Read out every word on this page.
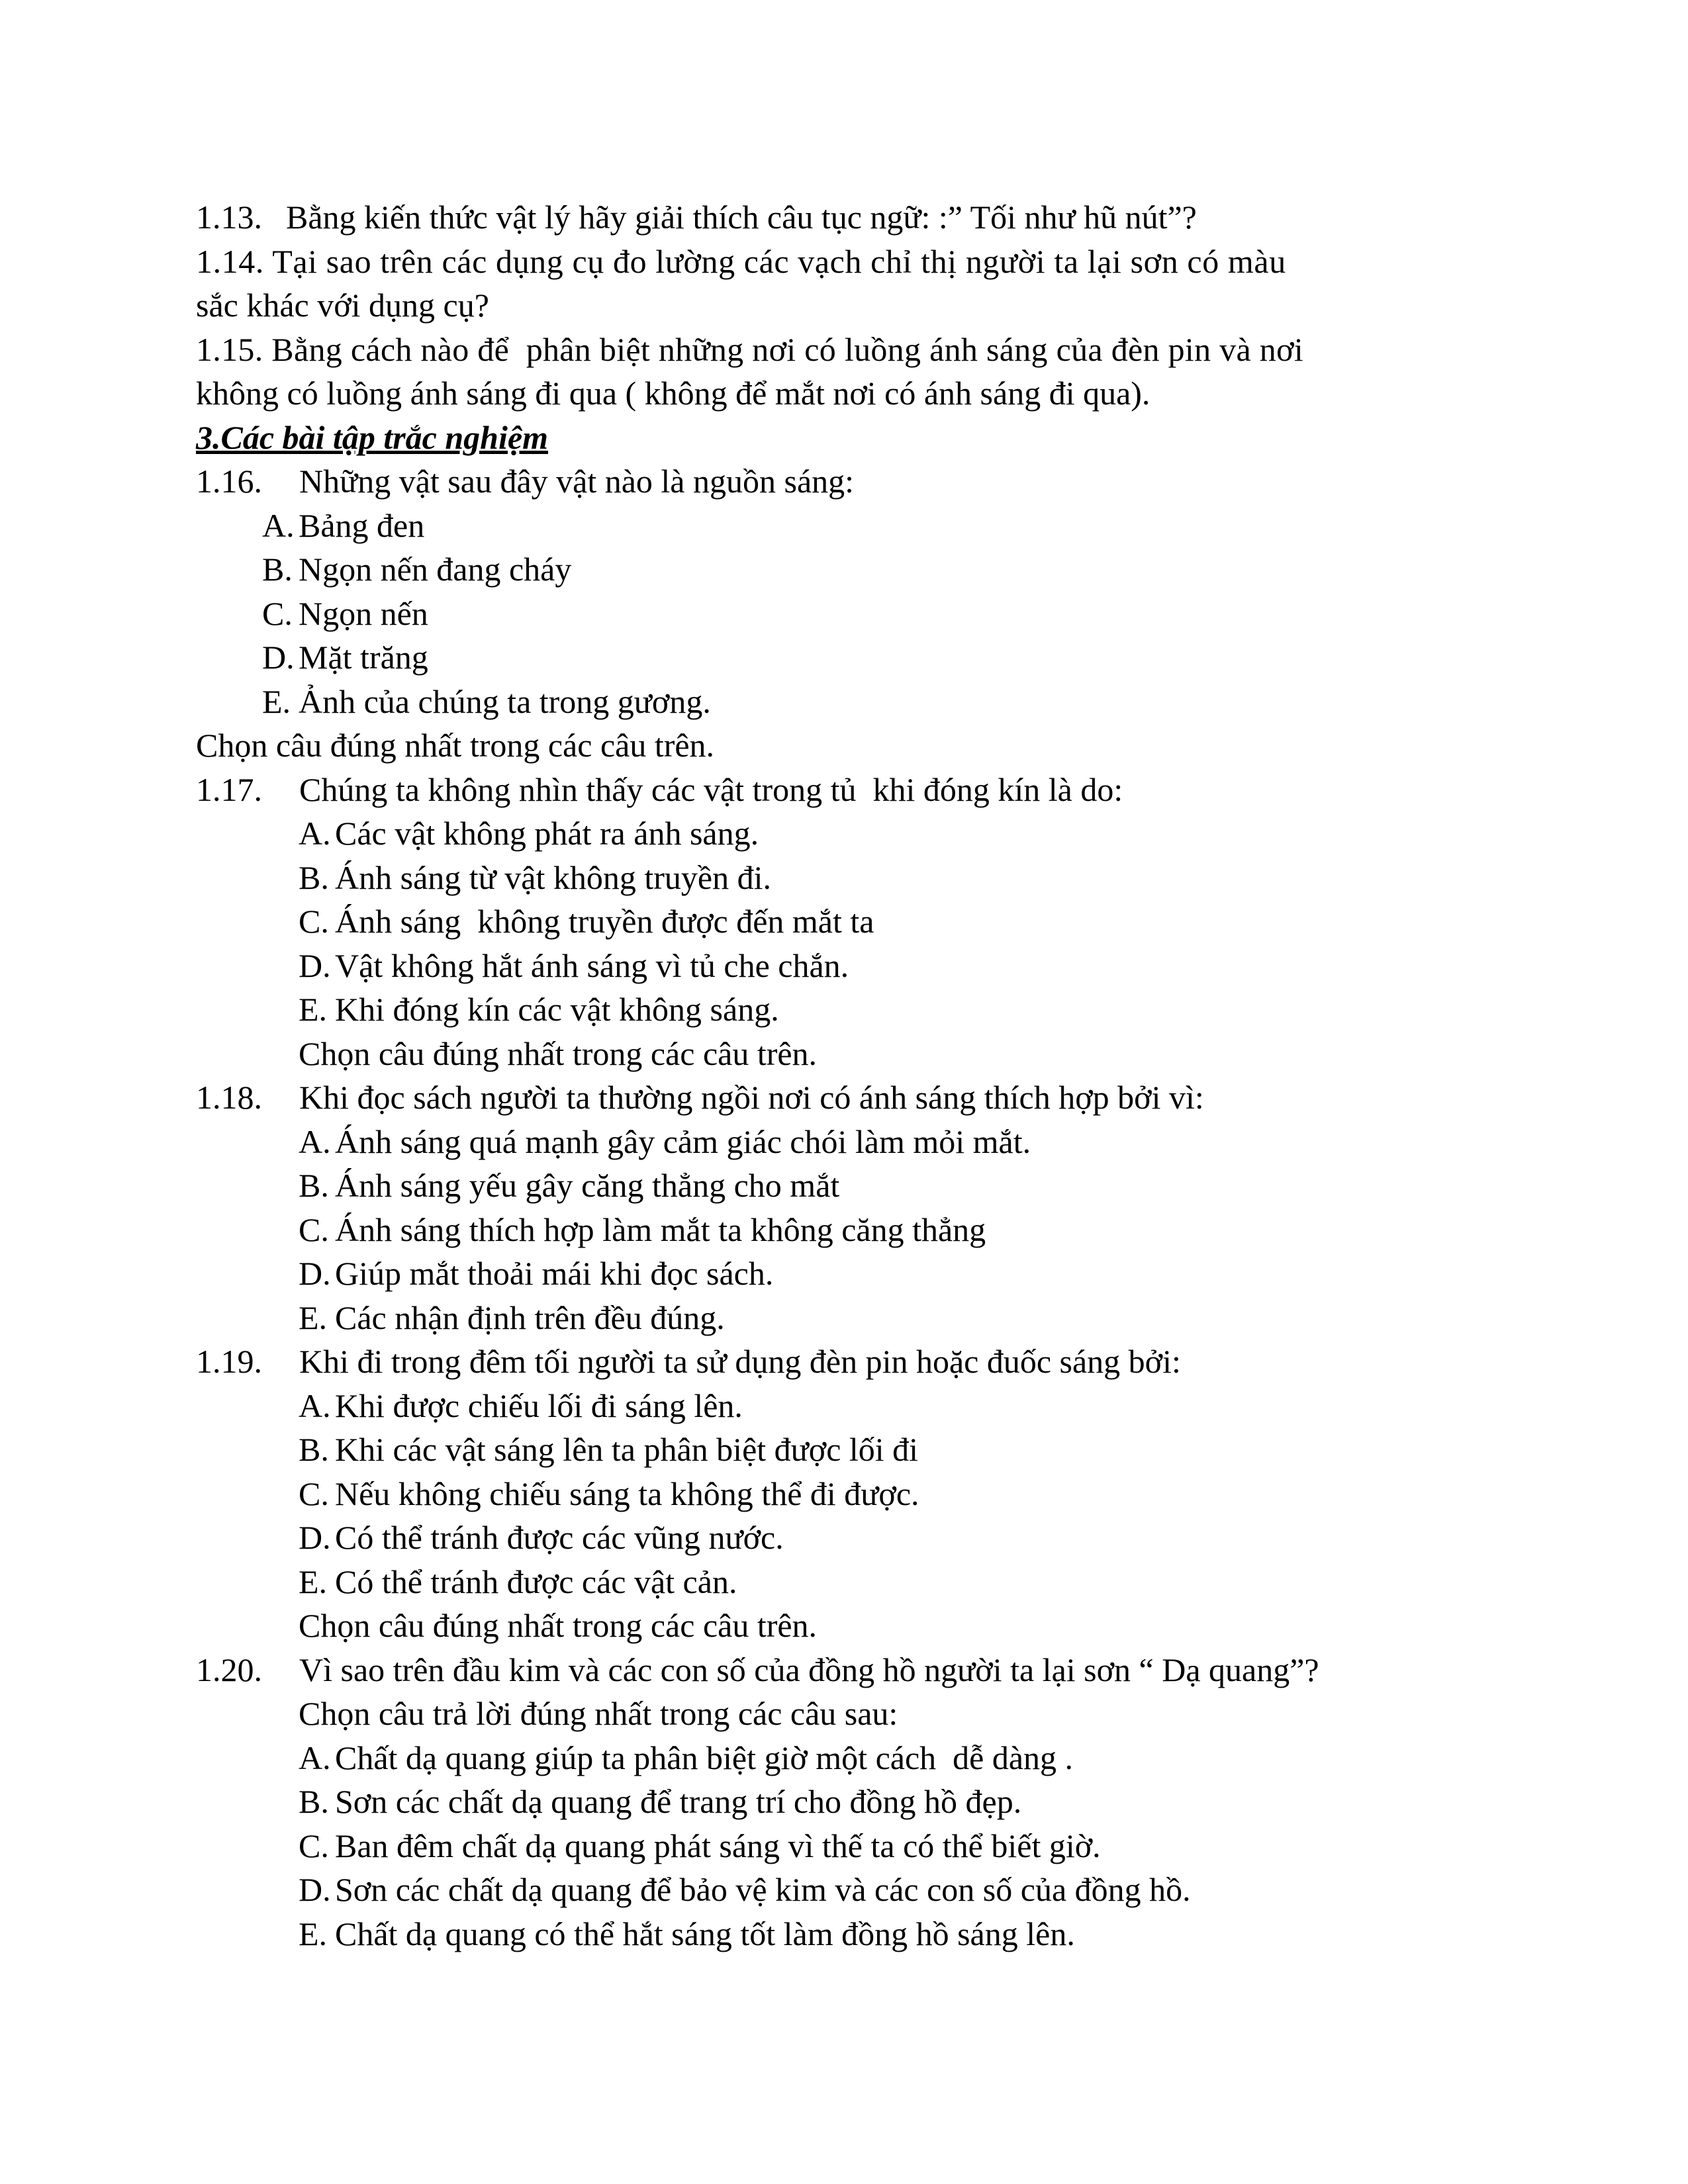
1.13. Bằng kiến thức vật lý hãy giải thích câu tục ngữ: :” Tối như hũ nút”?
1.14. Tại sao trên các dụng cụ đo lường các vạch chỉ thị người ta lại sơn có màu
sắc khác với dụng cụ?
1.15. Bằng cách nào để  phân biệt những nơi có luồng ánh sáng của đèn pin và nơi
không có luồng ánh sáng đi qua ( không để mắt nơi có ánh sáng đi qua).
3.Các bài tập trắc nghiệm
1.16.	Những vật sau đây vật nào là nguồn sáng:
A. Bảng đen
B. Ngọn nến đang cháy
C. Ngọn nến
D. Mặt trăng
E. Ảnh của chúng ta trong gương.
Chọn câu đúng nhất trong các câu trên.
1.17.	Chúng ta không nhìn thấy các vật trong tủ  khi đóng kín là do:
A. Các vật không phát ra ánh sáng.
B. Ánh sáng từ vật không truyền đi.
C. Ánh sáng  không truyền được đến mắt ta
D. Vật không hắt ánh sáng vì tủ che chắn.
E. Khi đóng kín các vật không sáng.
Chọn câu đúng nhất trong các câu trên.
1.18.	Khi đọc sách người ta thường ngồi nơi có ánh sáng thích hợp bởi vì:
A. Ánh sáng quá mạnh gây cảm giác chói làm mỏi mắt.
B. Ánh sáng yếu gây căng thẳng cho mắt
C. Ánh sáng thích hợp làm mắt ta không căng thẳng
D. Giúp mắt thoải mái khi đọc sách.
E. Các nhận định trên đều đúng.
1.19.	Khi đi trong đêm tối người ta sử dụng đèn pin hoặc đuốc sáng bởi:
A. Khi được chiếu lối đi sáng lên.
B. Khi các vật sáng lên ta phân biệt được lối đi
C. Nếu không chiếu sáng ta không thể đi được.
D. Có thể tránh được các vũng nước.
E. Có thể tránh được các vật cản.
Chọn câu đúng nhất trong các câu trên.
1.20.	Vì sao trên đầu kim và các con số của đồng hồ người ta lại sơn “ Dạ quang”?
Chọn câu trả lời đúng nhất trong các câu sau:
A. Chất dạ quang giúp ta phân biệt giờ một cách  dễ dàng .
B. Sơn các chất dạ quang để trang trí cho đồng hồ đẹp.
C. Ban đêm chất dạ quang phát sáng vì thế ta có thể biết giờ.
D. Sơn các chất dạ quang để bảo vệ kim và các con số của đồng hồ.
E. Chất dạ quang có thể hắt sáng tốt làm đồng hồ sáng lên.
